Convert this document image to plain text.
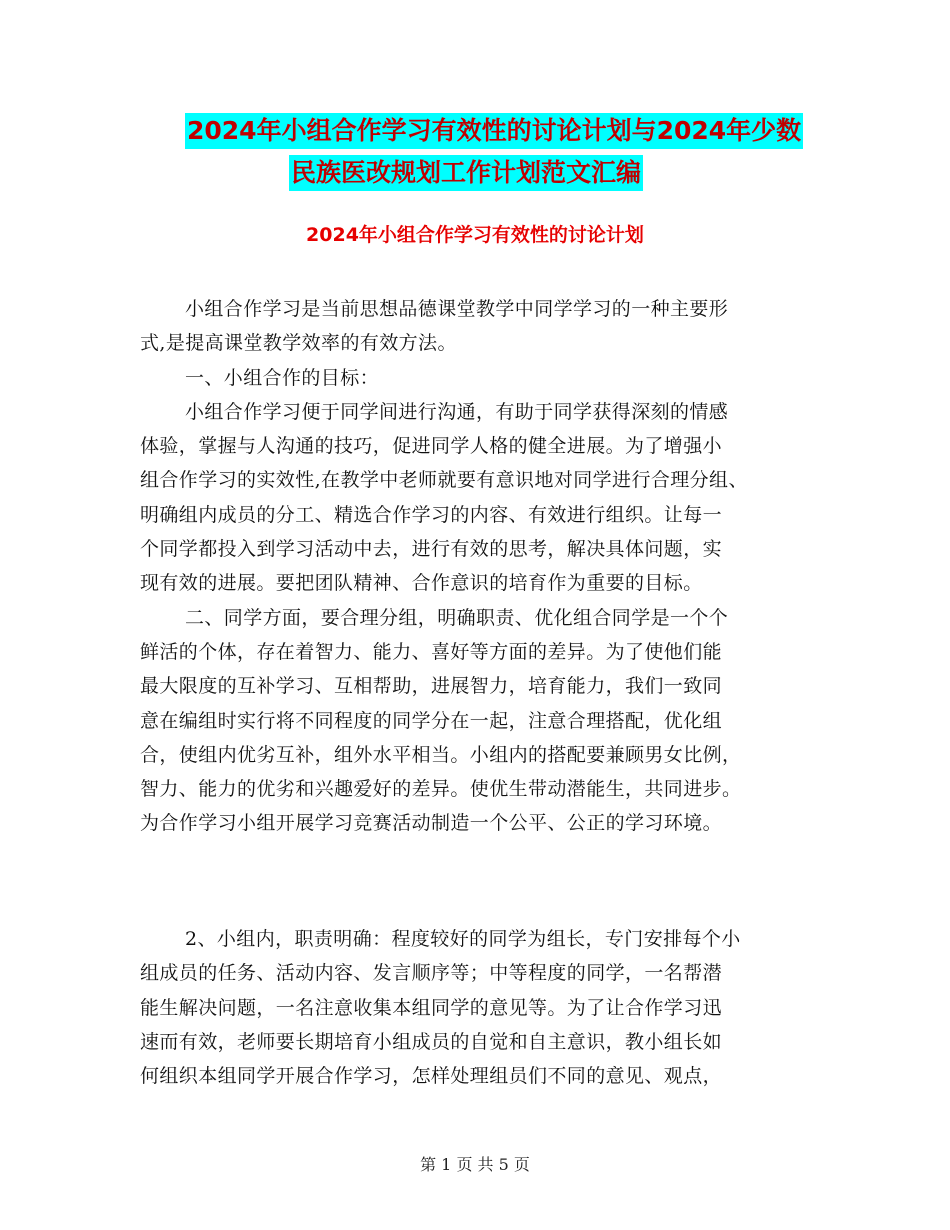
2024年小组合作学习有效性的讨论计划与2024年少数
民族医改规划工作计划范文汇编
2024年小组合作学习有效性的讨论计划
小组合作学习是当前思想品德课堂教学中同学学习的一种主要形
式,是提高课堂教学效率的有效方法。
一、小组合作的目标：
小组合作学习便于同学间进行沟通，有助于同学获得深刻的情感
体验，掌握与人沟通的技巧，促进同学人格的健全进展。为了增强小
组合作学习的实效性,在教学中老师就要有意识地对同学进行合理分组、
明确组内成员的分工、精选合作学习的内容、有效进行组织。让每一
个同学都投入到学习活动中去，进行有效的思考，解决具体问题，实
现有效的进展。要把团队精神、合作意识的培育作为重要的目标。
二、同学方面，要合理分组，明确职责、优化组合同学是一个个
鲜活的个体，存在着智力、能力、喜好等方面的差异。为了使他们能
最大限度的互补学习、互相帮助，进展智力，培育能力，我们一致同
意在编组时实行将不同程度的同学分在一起，注意合理搭配，优化组
合，使组内优劣互补，组外水平相当。小组内的搭配要兼顾男女比例，
智力、能力的优劣和兴趣爱好的差异。使优生带动潜能生，共同进步。
为合作学习小组开展学习竞赛活动制造一个公平、公正的学习环境。
2、小组内，职责明确：程度较好的同学为组长，专门安排每个小
组成员的任务、活动内容、发言顺序等；中等程度的同学，一名帮潜
能生解决问题，一名注意收集本组同学的意见等。为了让合作学习迅
速而有效，老师要长期培育小组成员的自觉和自主意识，教小组长如
何组织本组同学开展合作学习，怎样处理组员们不同的意见、观点，
第 1 页 共 5 页
